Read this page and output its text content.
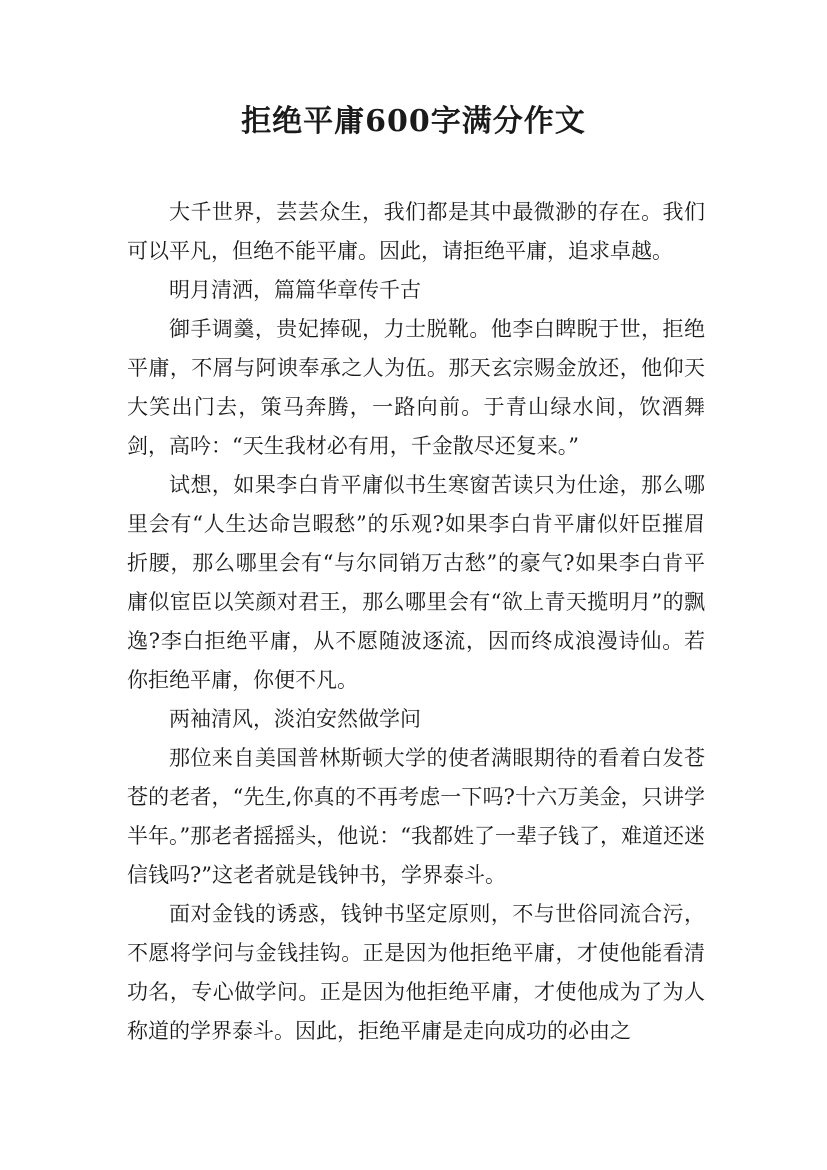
拒绝平庸600字满分作文

大千世界，芸芸众生，我们都是其中最微渺的存在。我们可以平凡，但绝不能平庸。因此，请拒绝平庸，追求卓越。

明月清洒，篇篇华章传千古

御手调羹，贵妃捧砚，力士脱靴。他李白睥睨于世，拒绝平庸，不屑与阿谀奉承之人为伍。那天玄宗赐金放还，他仰天大笑出门去，策马奔腾，一路向前。于青山绿水间，饮酒舞剑，高吟：“天生我材必有用，千金散尽还复来。”

试想，如果李白肯平庸似书生寒窗苦读只为仕途，那么哪里会有“人生达命岂暇愁”的乐观?如果李白肯平庸似奸臣摧眉折腰，那么哪里会有“与尔同销万古愁”的豪气?如果李白肯平庸似宦臣以笑颜对君王，那么哪里会有“欲上青天揽明月”的飘逸?李白拒绝平庸，从不愿随波逐流，因而终成浪漫诗仙。若你拒绝平庸，你便不凡。

两袖清风，淡泊安然做学问

那位来自美国普林斯顿大学的使者满眼期待的看着白发苍苍的老者，“先生,你真的不再考虑一下吗?十六万美金，只讲学半年。”那老者摇摇头，他说：“我都姓了一辈子钱了，难道还迷信钱吗?”这老者就是钱钟书，学界泰斗。

面对金钱的诱惑，钱钟书坚定原则，不与世俗同流合污，不愿将学问与金钱挂钩。正是因为他拒绝平庸，才使他能看清功名，专心做学问。正是因为他拒绝平庸，才使他成为了为人称道的学界泰斗。因此，拒绝平庸是走向成功的必由之
